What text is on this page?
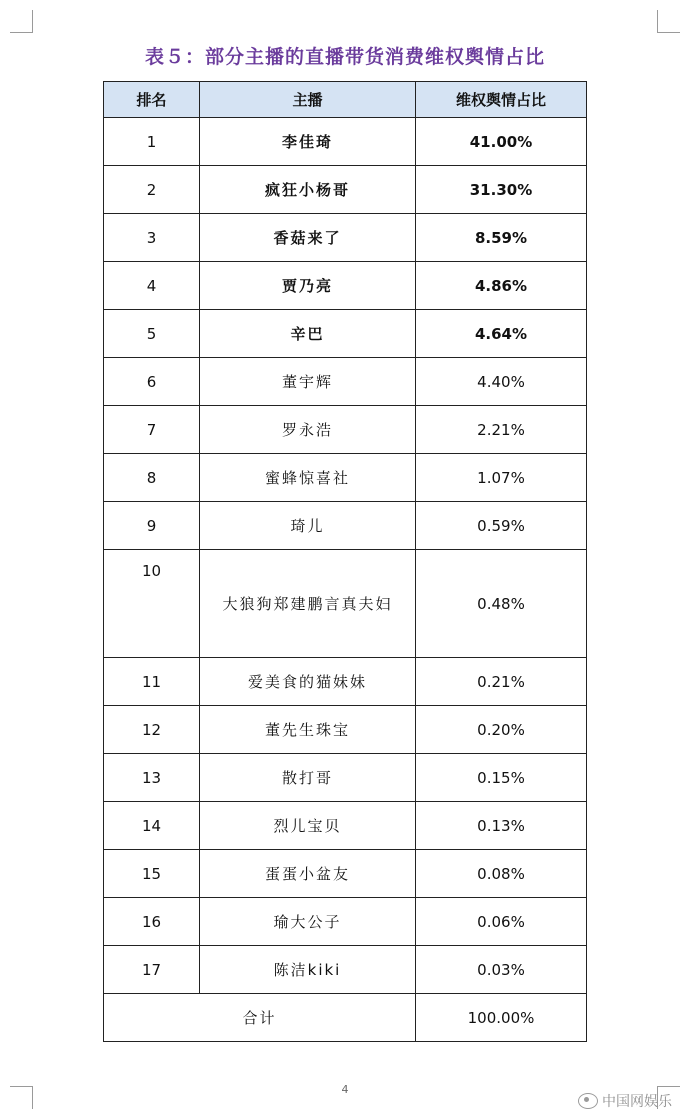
表５：部分主播的直播带货消费维权舆情占比
排名	主播	维权舆情占比
1	李佳琦	41.00%
2	疯狂小杨哥	31.30%
3	香菇来了	8.59%
4	贾乃亮	4.86%
5	辛巴	4.64%
6	董宇辉	4.40%
7	罗永浩	2.21%
8	蜜蜂惊喜社	1.07%
9	琦儿	0.59%
10	大狼狗郑建鹏言真夫妇	0.48%
11	爱美食的猫妹妹	0.21%
12	董先生珠宝	0.20%
13	散打哥	0.15%
14	烈儿宝贝	0.13%
15	蛋蛋小盆友	0.08%
16	瑜大公子	0.06%
17	陈洁kiki	0.03%
合计		100.00%
4
中国网娱乐
